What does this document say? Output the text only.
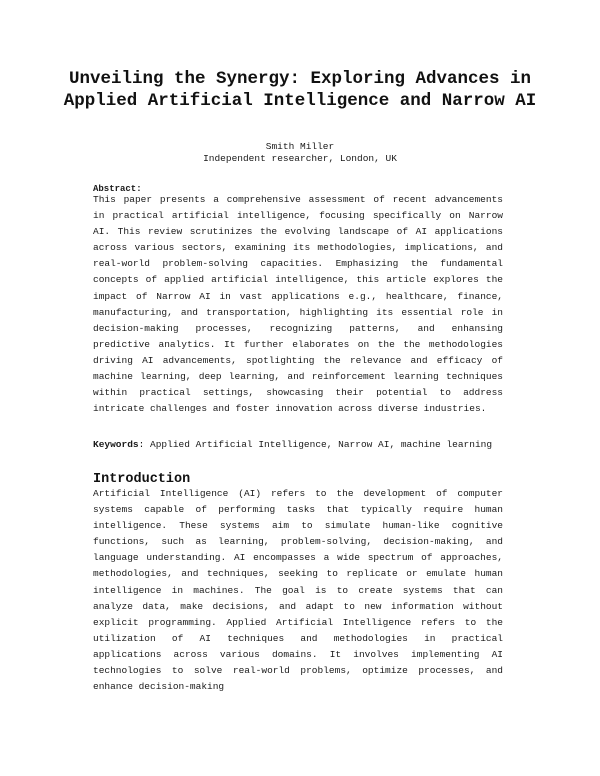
Unveiling the Synergy: Exploring Advances in Applied Artificial Intelligence and Narrow AI
Smith Miller
Independent researcher, London, UK
Abstract:

This paper presents a comprehensive assessment of recent advancements in practical artificial intelligence, focusing specifically on Narrow AI. This review scrutinizes the evolving landscape of AI applications across various sectors, examining its methodologies, implications, and real-world problem-solving capacities. Emphasizing the fundamental concepts of applied artificial intelligence, this article explores the impact of Narrow AI in vast applications e.g., healthcare, finance, manufacturing, and transportation, highlighting its essential role in decision-making processes, recognizing patterns, and enhansing predictive analytics. It further elaborates on the the methodologies driving AI advancements, spotlighting the relevance and efficacy of machine learning, deep learning, and reinforcement learning techniques within practical settings, showcasing their potential to address intricate challenges and foster innovation across diverse industries.

Keywords: Applied Artificial Intelligence, Narrow AI, machine learning
Introduction

Artificial Intelligence (AI) refers to the development of computer systems capable of performing tasks that typically require human intelligence. These systems aim to simulate human-like cognitive functions, such as learning, problem-solving, decision-making, and language understanding. AI encompasses a wide spectrum of approaches, methodologies, and techniques, seeking to replicate or emulate human intelligence in machines. The goal is to create systems that can analyze data, make decisions, and adapt to new information without explicit programming. Applied Artificial Intelligence refers to the utilization of AI techniques and methodologies in practical applications across various domains. It involves implementing AI technologies to solve real-world problems, optimize processes, and enhance decision-making
